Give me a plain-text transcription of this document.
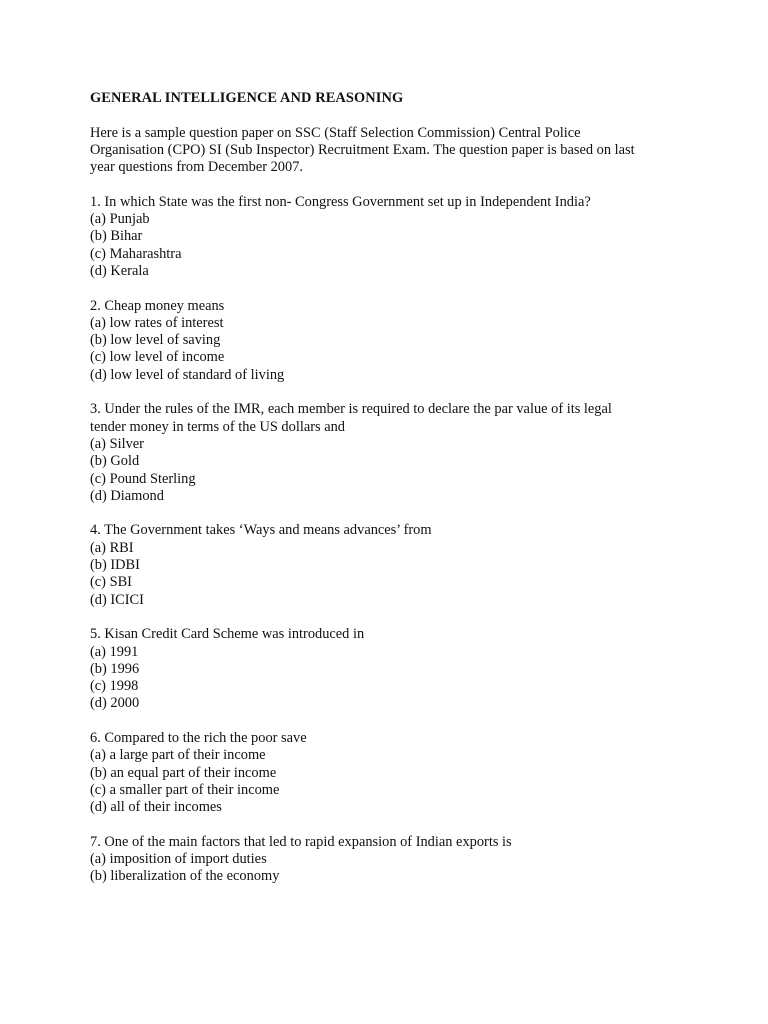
GENERAL INTELLIGENCE AND REASONING
Here is a sample question paper on SSC (Staff Selection Commission) Central Police
Organisation (CPO) SI (Sub Inspector) Recruitment Exam. The question paper is based on last
year questions from December 2007.
1. In which State was the first non- Congress Government set up in Independent India?
(a) Punjab
(b) Bihar
(c) Maharashtra
(d) Kerala
2. Cheap money means
(a) low rates of interest
(b) low level of saving
(c) low level of income
(d) low level of standard of living
3. Under the rules of the IMR, each member is required to declare the par value of its legal
tender money in terms of the US dollars and
(a) Silver
(b) Gold
(c) Pound Sterling
(d) Diamond
4. The Government takes ‘Ways and means advances’ from
(a) RBI
(b) IDBI
(c) SBI
(d) ICICI
5. Kisan Credit Card Scheme was introduced in
(a) 1991
(b) 1996
(c) 1998
(d) 2000
6. Compared to the rich the poor save
(a) a large part of their income
(b) an equal part of their income
(c) a smaller part of their income
(d) all of their incomes
7. One of the main factors that led to rapid expansion of Indian exports is
(a) imposition of import duties
(b) liberalization of the economy
